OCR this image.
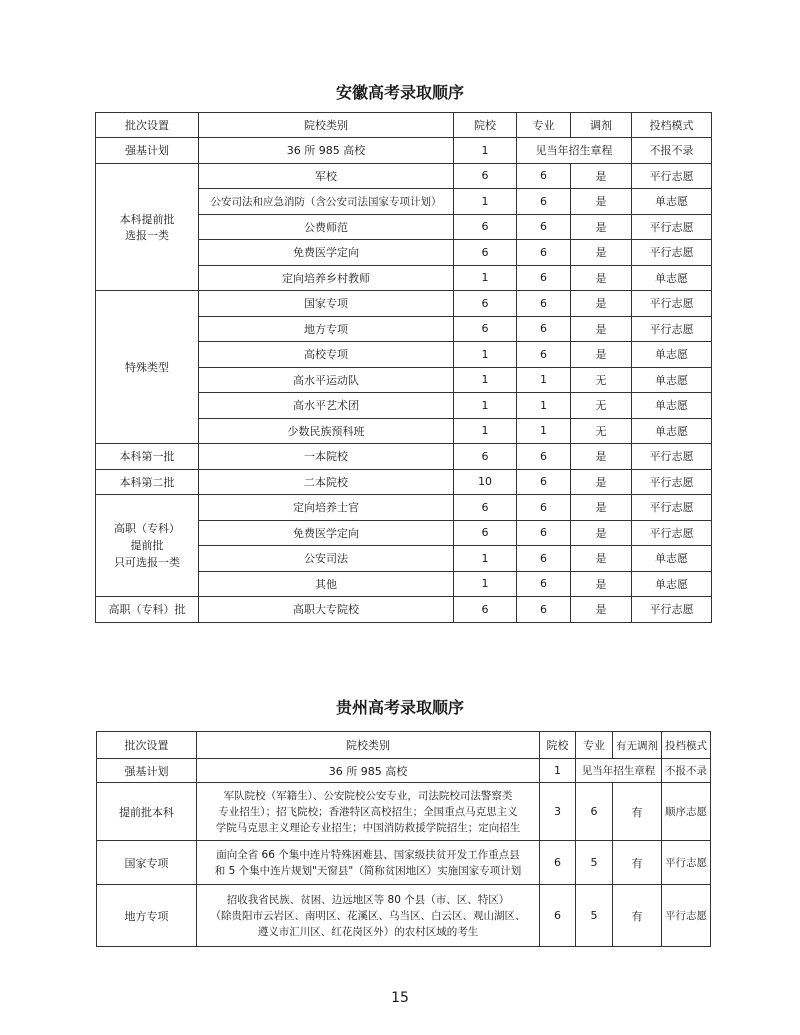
安徽高考录取顺序
批次设置	院校类别	院校	专业	调剂	投档模式
强基计划	36 所 985 高校	1	见当年招生章程		不报不录
本科提前批
选报一类	军校	6	6	是	平行志愿
	公安司法和应急消防（含公安司法国家专项计划）	1	6	是	单志愿
	公费师范	6	6	是	平行志愿
	免费医学定向	6	6	是	平行志愿
	定向培养乡村教师	1	6	是	单志愿
特殊类型	国家专项	6	6	是	平行志愿
	地方专项	6	6	是	平行志愿
	高校专项	1	6	是	单志愿
	高水平运动队	1	1	无	单志愿
	高水平艺术团	1	1	无	单志愿
	少数民族预科班	1	1	无	单志愿
本科第一批	一本院校	6	6	是	平行志愿
本科第二批	二本院校	10	6	是	平行志愿
高职（专科）
提前批
只可选报一类	定向培养士官	6	6	是	平行志愿
	免费医学定向	6	6	是	平行志愿
	公安司法	1	6	是	单志愿
	其他	1	6	是	单志愿
高职（专科）批	高职大专院校	6	6	是	平行志愿
贵州高考录取顺序
批次设置	院校类别	院校	专业	有无调剂	投档模式
强基计划	36 所 985 高校	1	见当年招生章程		不报不录
提前批本科	军队院校（军籍生）、公安院校公安专业，司法院校司法警察类
专业招生）；招飞院校；香港特区高校招生；全国重点马克思主义
学院马克思主义理论专业招生；中国消防救援学院招生；定向招生	3	6	有	顺序志愿
国家专项	面向全省 66 个集中连片特殊困难县、国家级扶贫开发工作重点县
和 5 个集中连片规划"天窗县"（简称贫困地区）实施国家专项计划	6	5	有	平行志愿
地方专项	招收我省民族、贫困、边远地区等 80 个县（市、区、特区）
（除贵阳市云岩区、南明区、花溪区、乌当区、白云区、观山湖区、
遵义市汇川区、红花岗区外）的农村区域的考生	6	5	有	平行志愿
15
